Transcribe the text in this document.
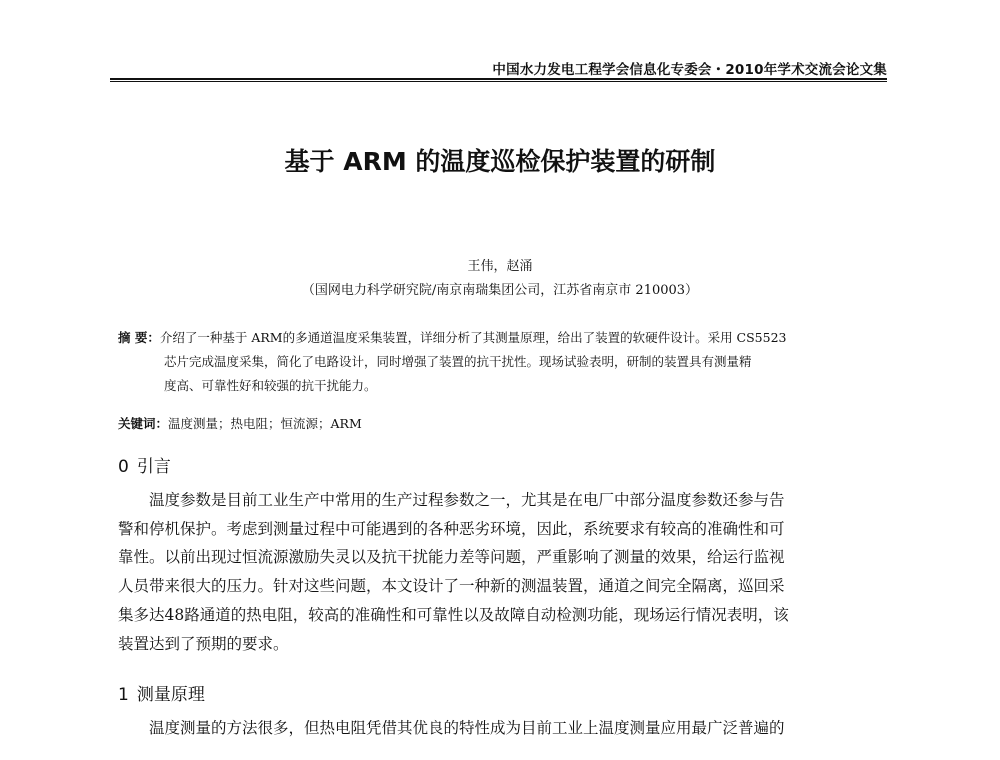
中国水力发电工程学会信息化专委会・2010年学术交流会论文集
基于 ARM 的温度巡检保护装置的研制
王伟，赵涌
（国网电力科学研究院/南京南瑞集团公司，江苏省南京市 210003）
摘 要：介绍了一种基于 ARM的多通道温度采集装置，详细分析了其测量原理，给出了装置的软硬件设计。采用 CS5523
芯片完成温度采集，简化了电路设计，同时增强了装置的抗干扰性。现场试验表明，研制的装置具有测量精
度高、可靠性好和较强的抗干扰能力。
关键词：温度测量；热电阻；恒流源；ARM
0 引言
温度参数是目前工业生产中常用的生产过程参数之一，尤其是在电厂中部分温度参数还参与告
警和停机保护。考虑到测量过程中可能遇到的各种恶劣环境，因此，系统要求有较高的准确性和可
靠性。以前出现过恒流源激励失灵以及抗干扰能力差等问题，严重影响了测量的效果，给运行监视
人员带来很大的压力。针对这些问题，本文设计了一种新的测温装置，通道之间完全隔离，巡回采
集多达48路通道的热电阻，较高的准确性和可靠性以及故障自动检测功能，现场运行情况表明，该
装置达到了预期的要求。
1 测量原理
温度测量的方法很多，但热电阻凭借其优良的特性成为目前工业上温度测量应用最广泛普遍的
